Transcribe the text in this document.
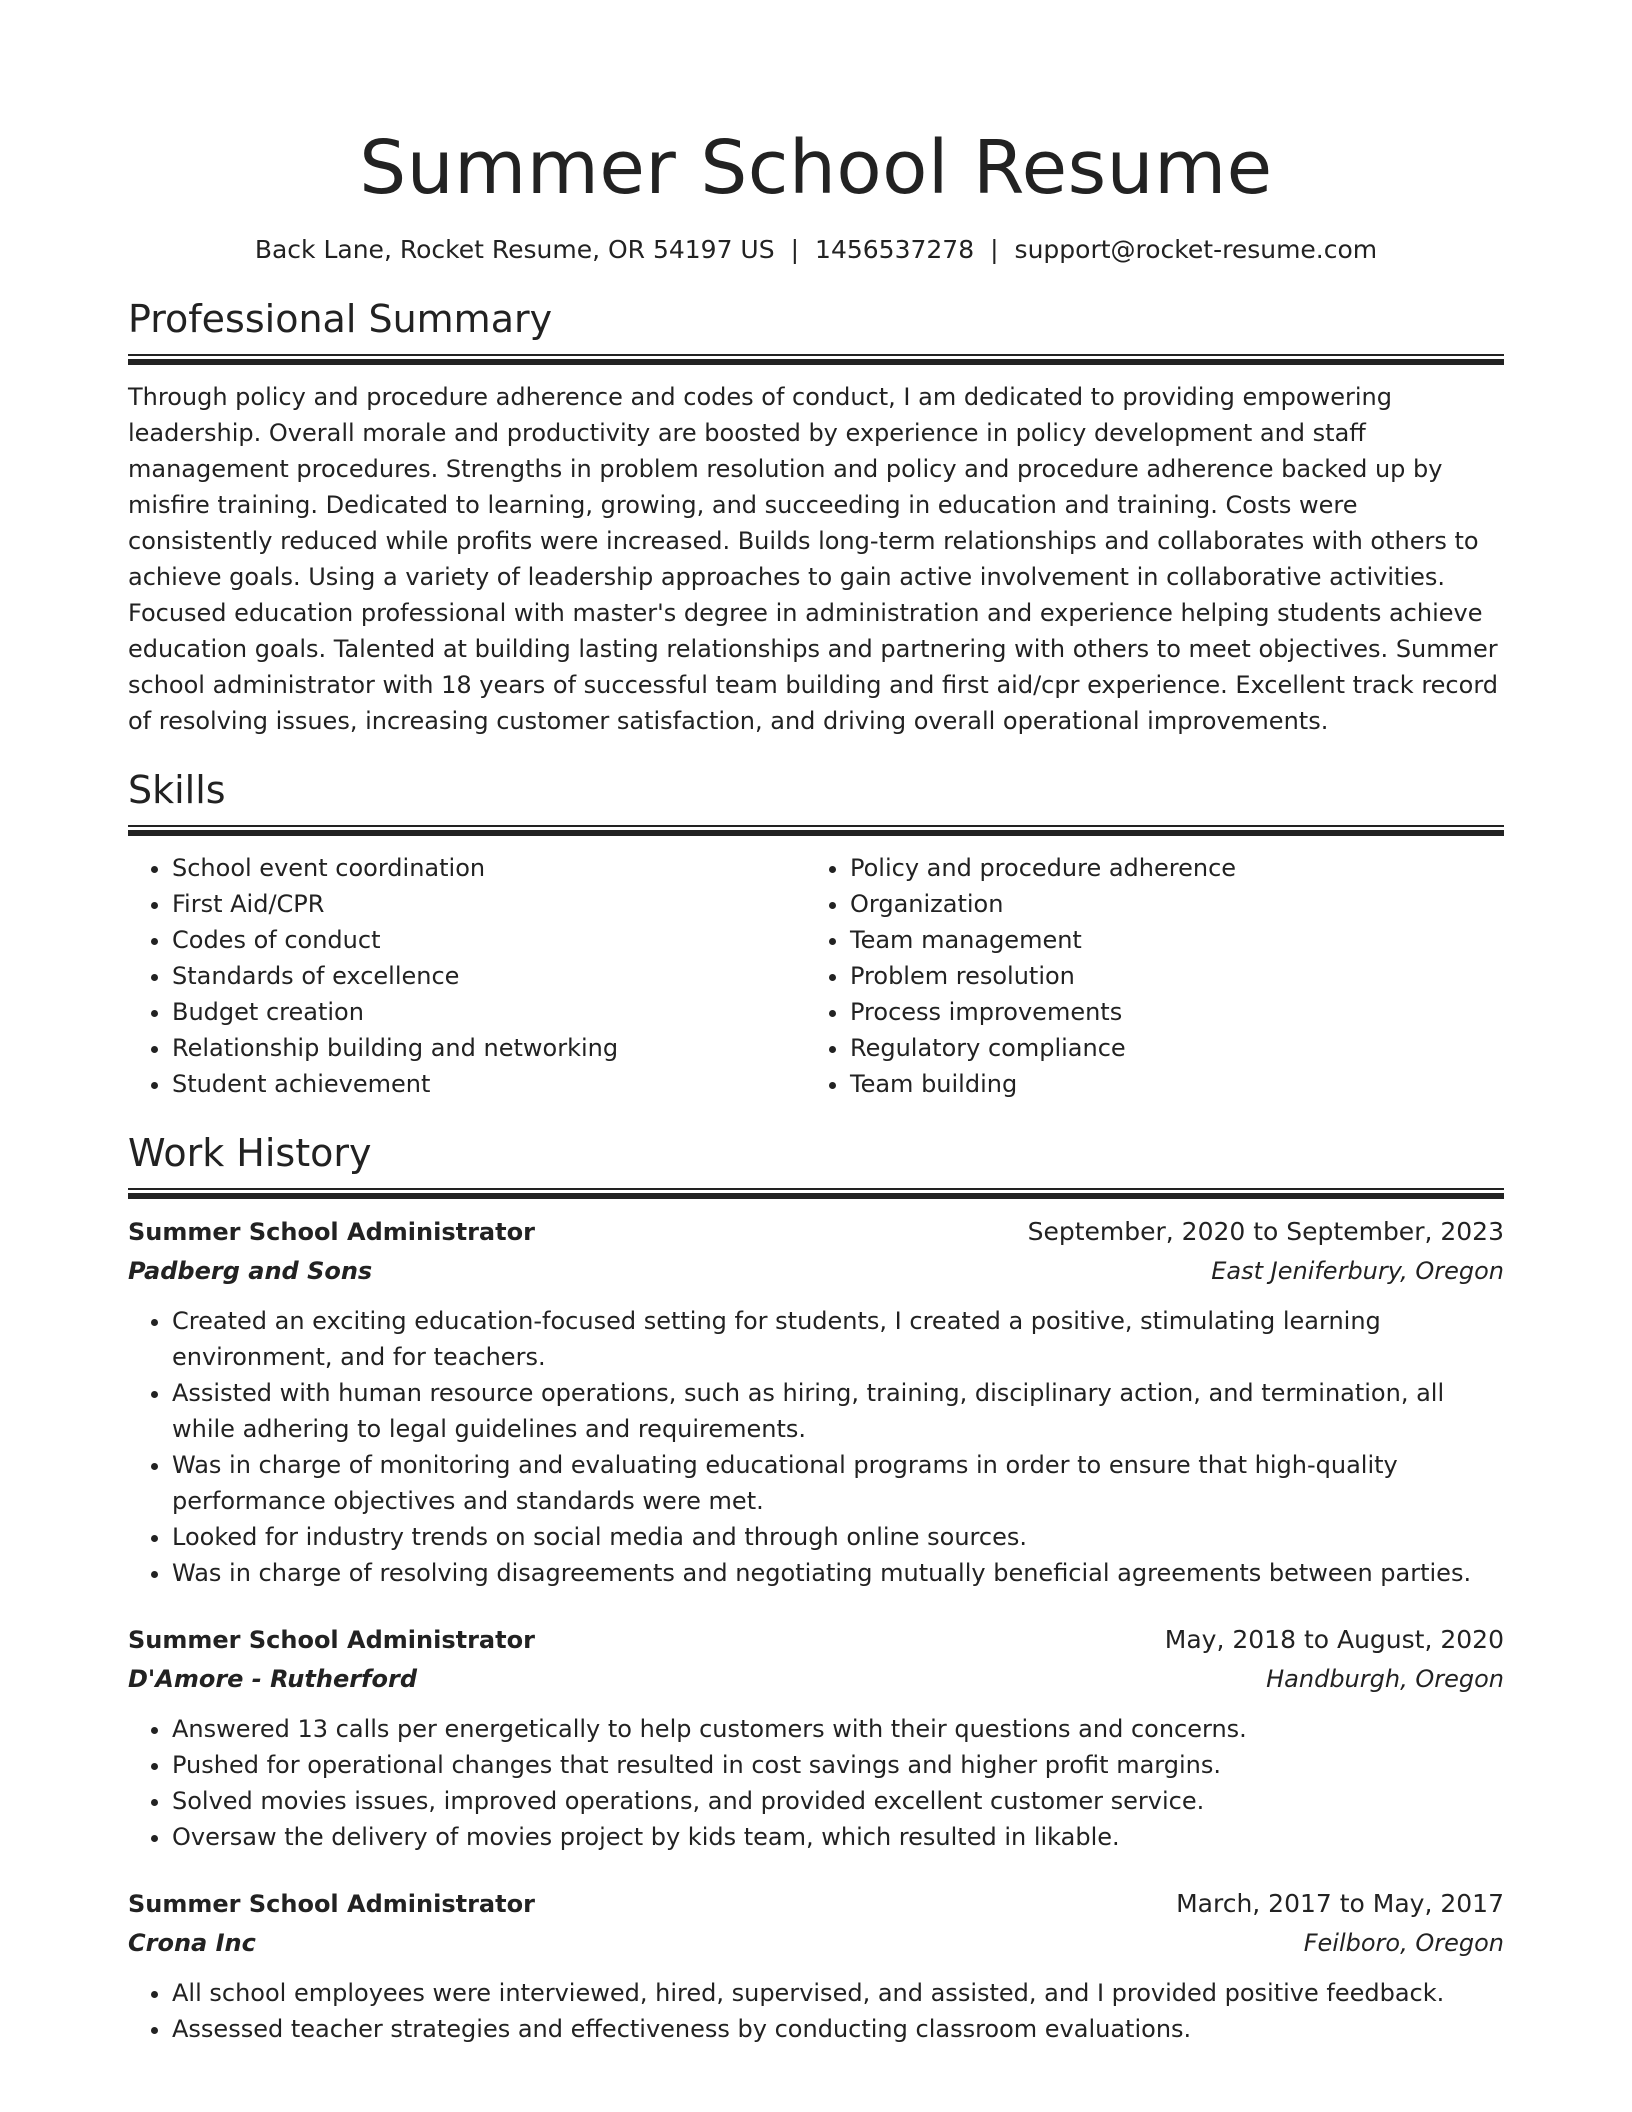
Summer School Resume
Back Lane, Rocket Resume, OR 54197 US | 1456537278 | support@rocket-resume.com
Professional Summary

Through policy and procedure adherence and codes of conduct, I am dedicated to providing empowering leadership. Overall morale and productivity are boosted by experience in policy development and staff management procedures. Strengths in problem resolution and policy and procedure adherence backed up by misfire training. Dedicated to learning, growing, and succeeding in education and training. Costs were consistently reduced while profits were increased. Builds long-term relationships and collaborates with others to achieve goals. Using a variety of leadership approaches to gain active involvement in collaborative activities. Focused education professional with master's degree in administration and experience helping students achieve education goals. Talented at building lasting relationships and partnering with others to meet objectives. Summer school administrator with 18 years of successful team building and first aid/cpr experience. Excellent track record of resolving issues, increasing customer satisfaction, and driving overall operational improvements.

Skills
• School event coordination
• First Aid/CPR
• Codes of conduct
• Standards of excellence
• Budget creation
• Relationship building and networking
• Student achievement
• Policy and procedure adherence
• Organization
• Team management
• Problem resolution
• Process improvements
• Regulatory compliance
• Team building
Work History
Summer School Administrator	September, 2020 to September, 2023
Padberg and Sons	East Jeniferbury, Oregon
• Created an exciting education-focused setting for students, I created a positive, stimulating learning environment, and for teachers.
• Assisted with human resource operations, such as hiring, training, disciplinary action, and termination, all while adhering to legal guidelines and requirements.
• Was in charge of monitoring and evaluating educational programs in order to ensure that high-quality performance objectives and standards were met.
• Looked for industry trends on social media and through online sources.
• Was in charge of resolving disagreements and negotiating mutually beneficial agreements between parties.
Summer School Administrator	May, 2018 to August, 2020
D'Amore - Rutherford	Handburgh, Oregon
• Answered 13 calls per energetically to help customers with their questions and concerns.
• Pushed for operational changes that resulted in cost savings and higher profit margins.
• Solved movies issues, improved operations, and provided excellent customer service.
• Oversaw the delivery of movies project by kids team, which resulted in likable.
Summer School Administrator	March, 2017 to May, 2017
Crona Inc	Feilboro, Oregon
• All school employees were interviewed, hired, supervised, and assisted, and I provided positive feedback.
• Assessed teacher strategies and effectiveness by conducting classroom evaluations.
